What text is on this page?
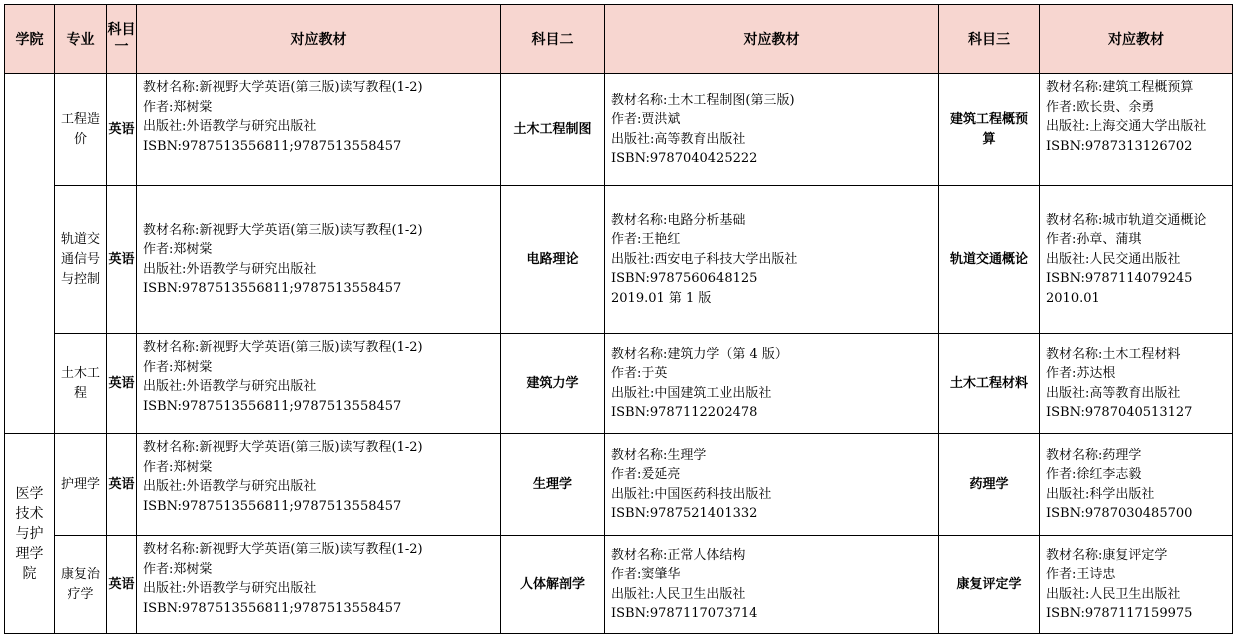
学院	专业	科目一	对应教材	科目二	对应教材	科目三	对应教材
	工程造价	英语	教材名称:新视野大学英语(第三版)读写教程(1-2)
作者:郑树棠
出版社:外语教学与研究出版社
ISBN:9787513556811;9787513558457	土木工程制图	教材名称:土木工程制图(第三版)
作者:贾洪斌
出版社:高等教育出版社
ISBN:9787040425222	建筑工程概预算	教材名称:建筑工程概预算
作者:欧长贵、余勇
出版社:上海交通大学出版社
ISBN:9787313126702

	轨道交通信号与控制	英语	教材名称:新视野大学英语(第三版)读写教程(1-2)
作者:郑树棠
出版社:外语教学与研究出版社
ISBN:9787513556811;9787513558457	电路理论	教材名称:电路分析基础
作者:王艳红
出版社:西安电子科技大学出版社
ISBN:9787560648125
2019.01 第 1 版	轨道交通概论	教材名称:城市轨道交通概论
作者:孙章、蒲琪
出版社:人民交通出版社
ISBN:9787114079245
2010.01

	土木工程	英语	教材名称:新视野大学英语(第三版)读写教程(1-2)
作者:郑树棠
出版社:外语教学与研究出版社
ISBN:9787513556811;9787513558457	建筑力学	教材名称:建筑力学（第 4 版）
作者:于英
出版社:中国建筑工业出版社
ISBN:9787112202478	土木工程材料	教材名称:土木工程材料
作者:苏达根
出版社:高等教育出版社
ISBN:9787040513127

医学技术与护理学院	护理学	英语	教材名称:新视野大学英语(第三版)读写教程(1-2)
作者:郑树棠
出版社:外语教学与研究出版社
ISBN:9787513556811;9787513558457	生理学	教材名称:生理学
作者:爰延亮
出版社:中国医药科技出版社
ISBN:9787521401332	药理学	教材名称:药理学
作者:徐红李志毅
出版社:科学出版社
ISBN:9787030485700

	康复治疗学	英语	教材名称:新视野大学英语(第三版)读写教程(1-2)
作者:郑树棠
出版社:外语教学与研究出版社
ISBN:9787513556811;9787513558457	人体解剖学	教材名称:正常人体结构
作者:窦肇华
出版社:人民卫生出版社
ISBN:9787117073714	康复评定学	教材名称:康复评定学
作者:王诗忠
出版社:人民卫生出版社
ISBN:9787117159975
